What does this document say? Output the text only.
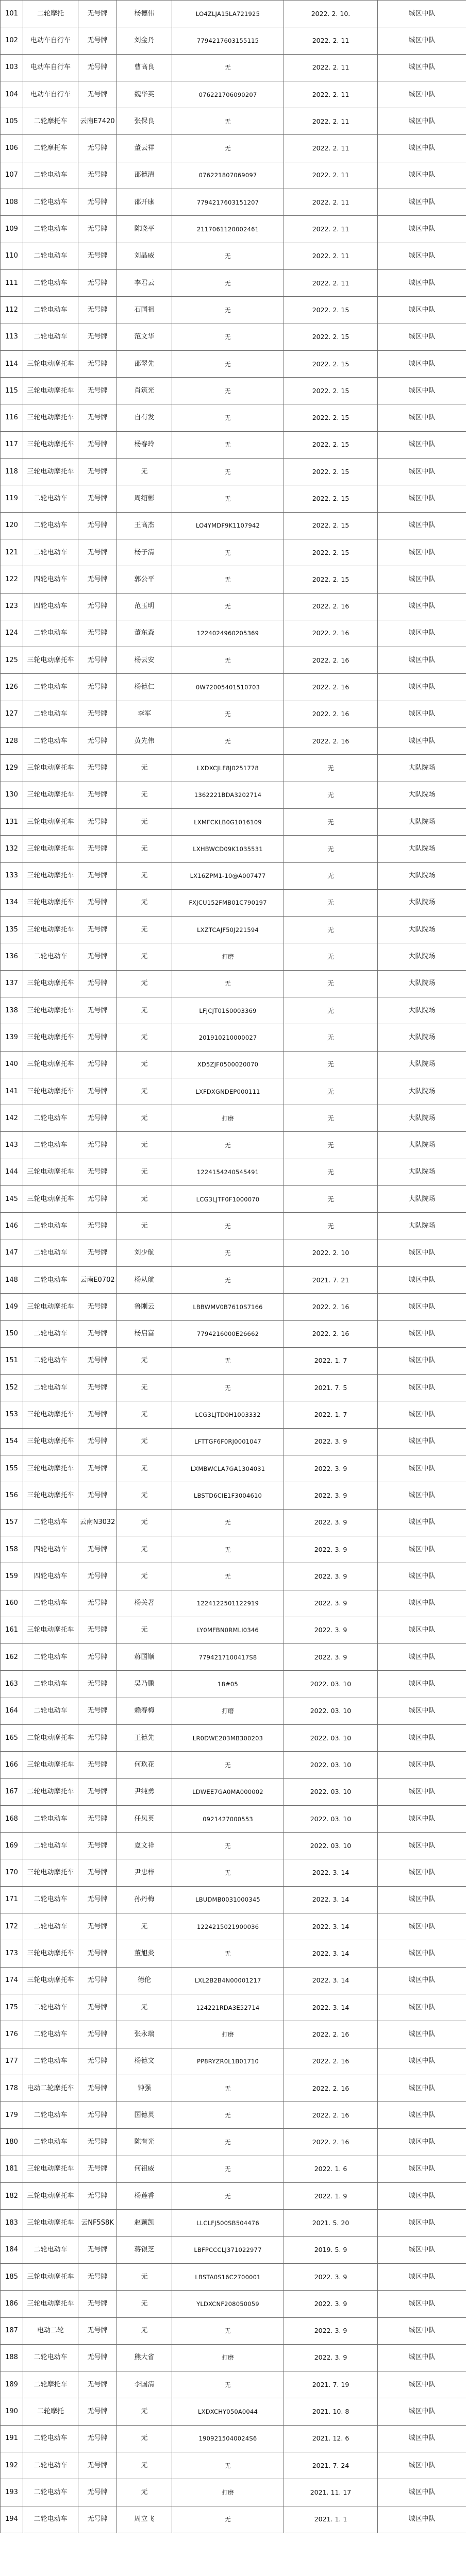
101	二轮摩托	无号牌	杨德伟	LO4ZLJA15LA721925	2022. 2. 10.	城区中队
102	电动车自行车	无号牌	刘金丹	7794217603155115	2022. 2. 11	城区中队
103	电动车自行车	无号牌	曹高良	无	2022. 2. 11	城区中队
104	电动车自行车	无号牌	魏华英	076221706090207	2022. 2. 11	城区中队
105	二轮摩托车	云南E7420	张保良	无	2022. 2. 11	城区中队
106	二轮摩托车	无号牌	董云祥	无	2022. 2. 11	城区中队
107	二轮电动车	无号牌	邵德清	076221807069097	2022. 2. 11	城区中队
108	二轮电动车	无号牌	邵开康	7794217603151207	2022. 2. 11	城区中队
109	二轮电动车	无号牌	陈晓平	2117061120002461	2022. 2. 11	城区中队
110	二轮电动车	无号牌	刘晶威	无	2022. 2. 11	城区中队
111	二轮电动车	无号牌	李君云	无	2022. 2. 11	城区中队
112	二轮电动车	无号牌	石国祖	无	2022. 2. 15	城区中队
113	二轮电动车	无号牌	范文华	无	2022. 2. 15	城区中队
114	三轮电动摩托车	无号牌	邵翠先	无	2022. 2. 15	城区中队
115	三轮电动摩托车	无号牌	肖筑光	无	2022. 2. 15	城区中队
116	三轮电动摩托车	无号牌	自有发	无	2022. 2. 15	城区中队
117	三轮电动摩托车	无号牌	杨春玲	无	2022. 2. 15	城区中队
118	三轮电动摩托车	无号牌	无	无	2022. 2. 15	城区中队
119	二轮电动车	无号牌	周绍彬	无	2022. 2. 15	城区中队
120	二轮电动车	无号牌	王高杰	LO4YMDF9K1107942	2022. 2. 15	城区中队
121	二轮电动车	无号牌	杨子清	无	2022. 2. 15	城区中队
122	四轮电动车	无号牌	郭公平	无	2022. 2. 15	城区中队
123	四轮电动车	无号牌	范玉明	无	2022. 2. 16	城区中队
124	二轮电动车	无号牌	董东森	1224024960205369	2022. 2. 16	城区中队
125	三轮电动摩托车	无号牌	杨云安	无	2022. 2. 16	城区中队
126	二轮电动车	无号牌	杨德仁	0W72005401510703	2022. 2. 16	城区中队
127	二轮电动车	无号牌	李军	无	2022. 2. 16	城区中队
128	二轮电动车	无号牌	黄先伟	无	2022. 2. 16	城区中队
129	三轮电动摩托车	无号牌	无	LXDXCJLF8J0251778	无	大队院场
130	三轮电动摩托车	无号牌	无	1362221BDA3202714	无	大队院场
131	三轮电动摩托车	无号牌	无	LXMFCKLB0G1016109	无	大队院场
132	三轮电动摩托车	无号牌	无	LXHBWCD09K1035531	无	大队院场
133	三轮电动摩托车	无号牌	无	LX16ZPM1-10@A007477	无	大队院场
134	三轮电动摩托车	无号牌	无	FXJCU152FMB01C790197	无	大队院场
135	三轮电动摩托车	无号牌	无	LXZTCAJF50J221594	无	大队院场
136	二轮电动车	无号牌	无	打磨	无	大队院场
137	三轮电动摩托车	无号牌	无	无	无	大队院场
138	三轮电动摩托车	无号牌	无	LFJCJT01S0003369	无	大队院场
139	三轮电动摩托车	无号牌	无	201910210000027	无	大队院场
140	三轮电动摩托车	无号牌	无	XD5ZJF0500020070	无	大队院场
141	三轮电动摩托车	无号牌	无	LXFDXGNDEP000111	无	大队院场
142	二轮电动车	无号牌	无	打磨	无	大队院场
143	二轮电动车	无号牌	无	无	无	大队院场
144	三轮电动摩托车	无号牌	无	1224154240545491	无	大队院场
145	三轮电动摩托车	无号牌	无	LCG3LJTF0F1000070	无	大队院场
146	二轮电动车	无号牌	无	无	无	大队院场
147	二轮电动车	无号牌	刘少航	无	2022. 2. 10	城区中队
148	二轮电动车	云南E0702	杨从航	无	2021. 7. 21	城区中队
149	三轮电动摩托车	无号牌	鲁刚云	LBBWMV0B7610S7166	2022. 2. 16	城区中队
150	二轮电动车	无号牌	杨启富	7794216000E26662	2022. 2. 16	城区中队
151	二轮电动车	无号牌	无	无	2022. 1. 7	城区中队
152	二轮电动车	无号牌	无	无	2021. 7. 5	城区中队
153	三轮电动摩托车	无号牌	无	LCG3LJTD0H1003332	2022. 1. 7	城区中队
154	三轮电动摩托车	无号牌	无	LFTTGF6F0RJ0001047	2022. 3. 9	城区中队
155	三轮电动摩托车	无号牌	无	LXMBWCLA7GA1304031	2022. 3. 9	城区中队
156	三轮电动摩托车	无号牌	无	LBSTD6CIE1F3004610	2022. 3. 9	城区中队
157	二轮电动车	云南N3032	无	无	2022. 3. 9	城区中队
158	四轮电动车	无号牌	无	无	2022. 3. 9	城区中队
159	四轮电动车	无号牌	无	无	2022. 3. 9	城区中队
160	二轮电动车	无号牌	杨关著	1224122501122919	2022. 3. 9	城区中队
161	三轮电动摩托车	无号牌	无	LY0MFBN0RMLI0346	2022. 3. 9	城区中队
162	二轮电动车	无号牌	蒋国顺	7794217100417S8	2022. 3. 9	城区中队
163	二轮电动车	无号牌	吴乃鹏	18#05	2022. 03. 10	城区中队
164	二轮电动车	无号牌	赖春梅	打磨	2022. 03. 10	城区中队
165	二轮电动摩托车	无号牌	王德先	LR0DWE203MB300203	2022. 03. 10	城区中队
166	三轮电动摩托车	无号牌	何玖花	无	2022. 03. 10	城区中队
167	二轮电动摩托车	无号牌	尹纯勇	LDWEE7GA0MA000002	2022. 03. 10	城区中队
168	二轮电动车	无号牌	任凤英	0921427000553	2022. 03. 10	城区中队
169	二轮电动车	无号牌	夏文祥	无	2022. 03. 10	城区中队
170	三轮电动摩托车	无号牌	尹忠梓	无	2022. 3. 14	城区中队
171	二轮电动车	无号牌	孙丹梅	LBUDMB0031000345	2022. 3. 14	城区中队
172	二轮电动车	无号牌	无	1224215021900036	2022. 3. 14	城区中队
173	三轮电动摩托车	无号牌	董旭炎	无	2022. 3. 14	城区中队
174	三轮电动摩托车	无号牌	德伦	LXL2B2B4N00001217	2022. 3. 14	城区中队
175	二轮电动车	无号牌	无	124221RDA3E52714	2022. 3. 14	城区中队
176	二轮电动车	无号牌	张永瑞	打磨	2022. 2. 16	城区中队
177	二轮电动车	无号牌	杨德文	PP8RYZR0L1B01710	2022. 2. 16	城区中队
178	电动二轮摩托车	无号牌	钟强	无	2022. 2. 16	城区中队
179	二轮电动车	无号牌	国德英	无	2022. 2. 16	城区中队
180	二轮电动车	无号牌	陈有光	无	2022. 2. 16	城区中队
181	三轮电动摩托车	无号牌	何祖威	无	2022. 1. 6	城区中队
182	三轮电动摩托车	无号牌	杨莲香	无	2022. 1. 9	城区中队
183	三轮电动摩托车	云NF5S8K	赵颖凯	LLCLFJ500SB504476	2021. 5. 20	城区中队
184	二轮电动车	无号牌	蒋银芝	LBFPCCCLJ371022977	2019. 5. 9	城区中队
185	三轮电动摩托车	无号牌	无	LBSTA0S16C2700001	2022. 3. 9	城区中队
186	三轮电动摩托车	无号牌	无	YLDXCNF208050059	2022. 3. 9	城区中队
187	电动二轮	无号牌	无	无	2022. 3. 9	城区中队
188	二轮电动车	无号牌	熊大省	打磨	2022. 3. 9	城区中队
189	二轮摩托车	无号牌	李国清	无	2021. 7. 19	城区中队
190	二轮摩托	无号牌	无	LXDXCHY050A0044	2021. 10. 8	城区中队
191	二轮电动车	无号牌	无	1909215040024S6	2021. 12. 6	城区中队
192	二轮电动车	无号牌	无	无	2021. 7. 24	城区中队
193	二轮电动车	无号牌	无	打磨	2021. 11. 17	城区中队
194	二轮电动车	无号牌	周立飞	无	2021. 1. 1	城区中队
